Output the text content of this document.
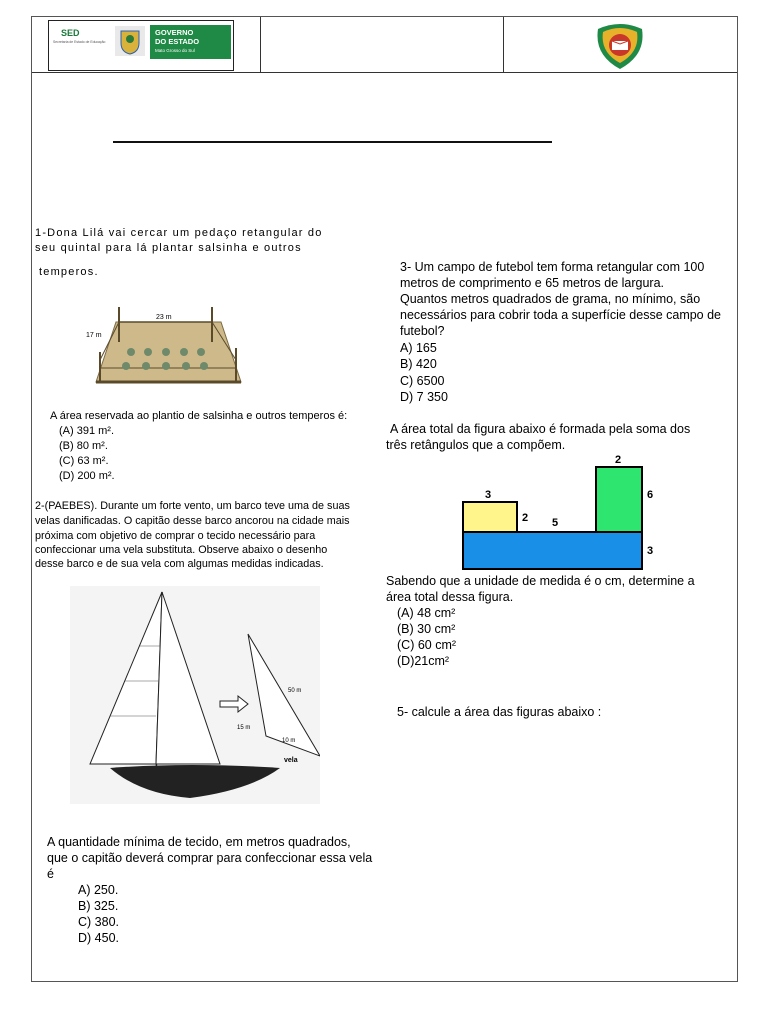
SED
Secretaria de Estado de Educação
GOVERNO
DO ESTADO
Mato Grosso do Sul
1-Dona Lilá vai cercar um pedaço retangular do
seu quintal para lá plantar salsinha e outros
temperos.
23 m
17 m
A área reservada ao plantio de salsinha e outros temperos é:
(A) 391 m².
(B) 80 m².
(C) 63 m².
(D) 200 m².
2-(PAEBES). Durante um forte vento, um barco teve uma de suas
velas danificadas. O capitão desse barco ancorou na cidade mais
próxima com objetivo de comprar o tecido necessário para
confeccionar uma vela substituta. Observe abaixo o desenho
desse barco e de sua vela com algumas medidas indicadas.
50 m
15 m
10 m
vela
A quantidade mínima de tecido, em metros quadrados,
que o capitão deverá comprar para confeccionar essa vela
é
A) 250.
B) 325.
C) 380.
D) 450.
3- Um campo de futebol tem forma retangular com 100
metros de comprimento e 65 metros de largura.
Quantos metros quadrados de grama, no mínimo, são
necessários para cobrir toda a superfície desse campo de
futebol?
A) 165
B) 420
C) 6500
D) 7 350
A área total da figura abaixo é formada pela soma dos
três retângulos que a compõem.
3
2 5
2
6
3
Sabendo que a unidade de medida é o cm, determine a
área total dessa figura.
(A) 48 cm²
(B) 30 cm²
(C) 60 cm²
(D)21cm²
5- calcule a área das figuras abaixo :
